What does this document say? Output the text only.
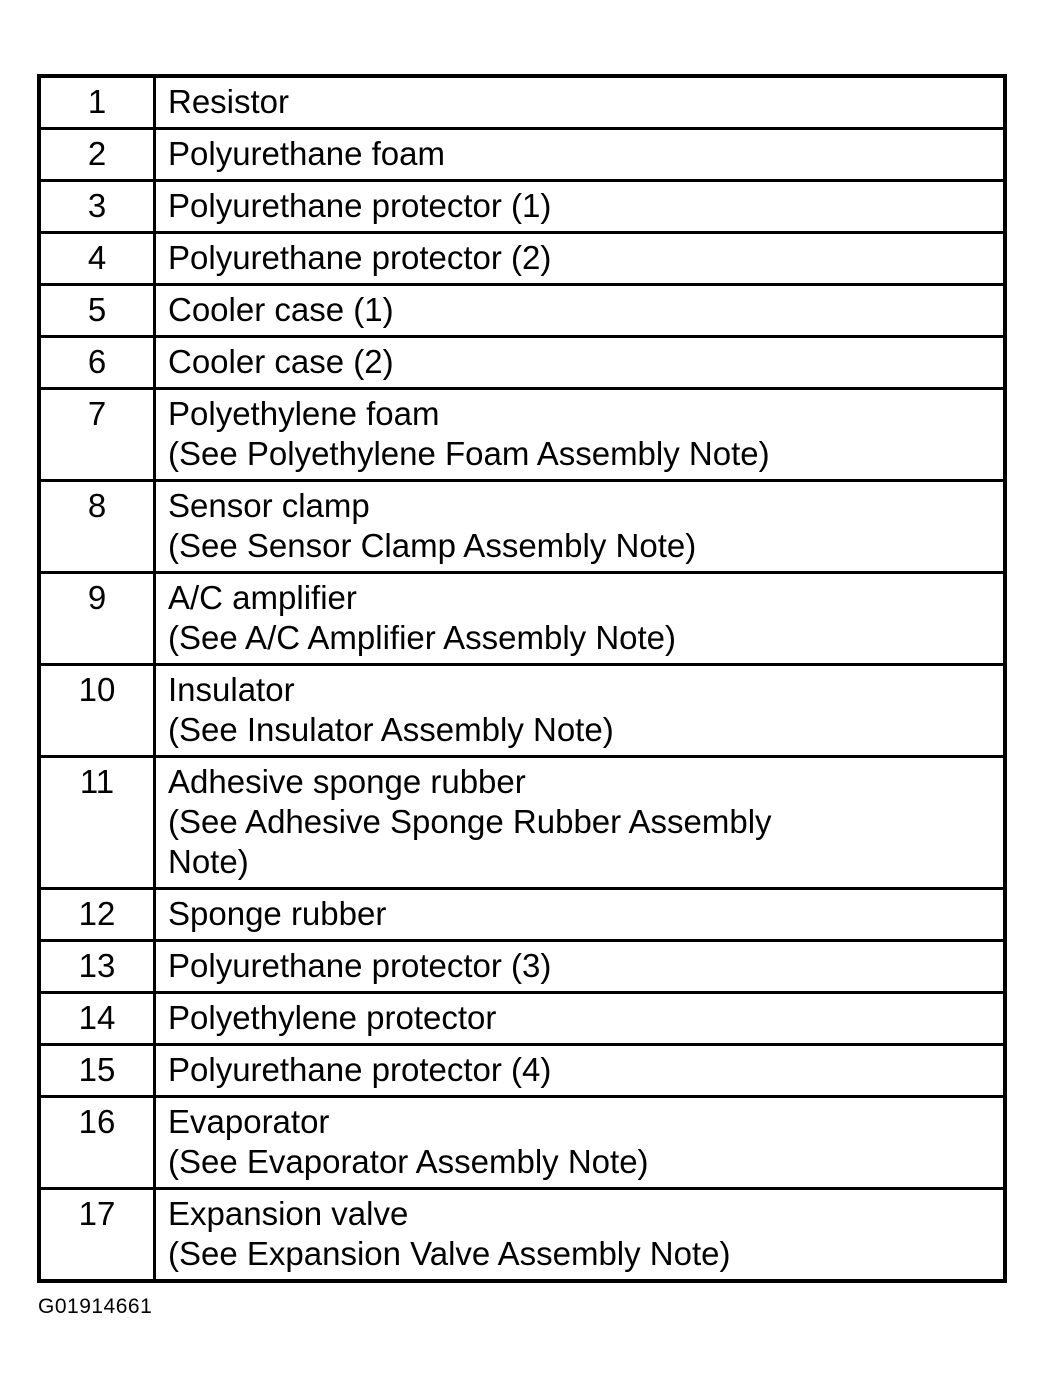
1	Resistor

2	Polyurethane foam

3	Polyurethane protector (1)

4	Polyurethane protector (2)

5	Cooler case (1)

6	Cooler case (2)

7	Polyethylene foam
(See Polyethylene Foam Assembly Note)

8	Sensor clamp
(See Sensor Clamp Assembly Note)

9	A/C amplifier
(See A/C Amplifier Assembly Note)

10	Insulator
(See Insulator Assembly Note)

11	Adhesive sponge rubber
(See Adhesive Sponge Rubber Assembly
Note)

12	Sponge rubber

13	Polyurethane protector (3)

14	Polyethylene protector

15	Polyurethane protector (4)

16	Evaporator
(See Evaporator Assembly Note)

17	Expansion valve
(See Expansion Valve Assembly Note)
G01914661
